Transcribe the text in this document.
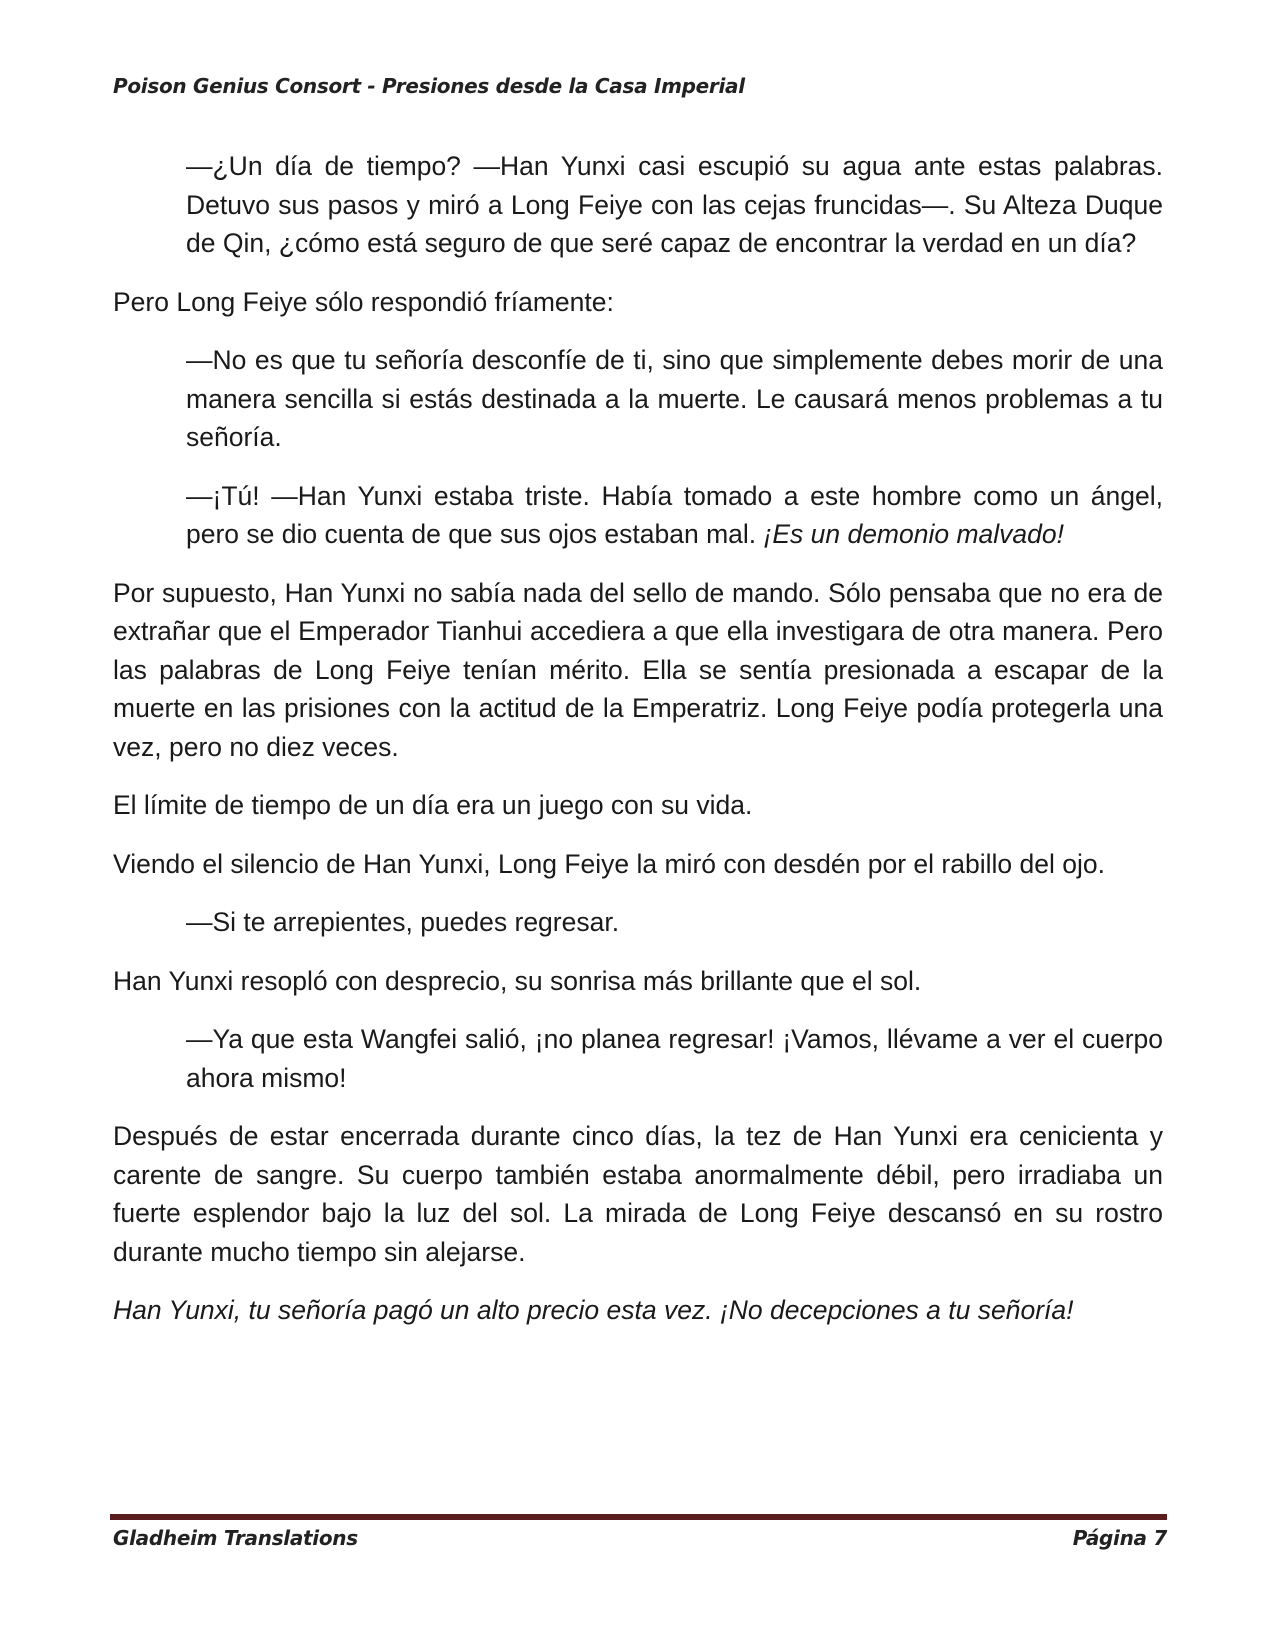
Poison Genius Consort - Presiones desde la Casa Imperial

—¿Un día de tiempo? —Han Yunxi casi escupió su agua ante estas palabras. Detuvo sus pasos y miró a Long Feiye con las cejas fruncidas—. Su Alteza Duque de Qin, ¿cómo está seguro de que seré capaz de encontrar la verdad en un día?

Pero Long Feiye sólo respondió fríamente:

—No es que tu señoría desconfíe de ti, sino que simplemente debes morir de una manera sencilla si estás destinada a la muerte. Le causará menos problemas a tu señoría.

—¡Tú! —Han Yunxi estaba triste. Había tomado a este hombre como un ángel, pero se dio cuenta de que sus ojos estaban mal. ¡Es un demonio malvado!

Por supuesto, Han Yunxi no sabía nada del sello de mando. Sólo pensaba que no era de extrañar que el Emperador Tianhui accediera a que ella investigara de otra manera. Pero las palabras de Long Feiye tenían mérito. Ella se sentía presionada a escapar de la muerte en las prisiones con la actitud de la Emperatriz. Long Feiye podía protegerla una vez, pero no diez veces.

El límite de tiempo de un día era un juego con su vida.

Viendo el silencio de Han Yunxi, Long Feiye la miró con desdén por el rabillo del ojo.

—Si te arrepientes, puedes regresar.

Han Yunxi resopló con desprecio, su sonrisa más brillante que el sol.

—Ya que esta Wangfei salió, ¡no planea regresar! ¡Vamos, llévame a ver el cuerpo ahora mismo!

Después de estar encerrada durante cinco días, la tez de Han Yunxi era cenicienta y carente de sangre. Su cuerpo también estaba anormalmente débil, pero irradiaba un fuerte esplendor bajo la luz del sol. La mirada de Long Feiye descansó en su rostro durante mucho tiempo sin alejarse.

Han Yunxi, tu señoría pagó un alto precio esta vez. ¡No decepciones a tu señoría!

Gladheim Translations	Página 7
